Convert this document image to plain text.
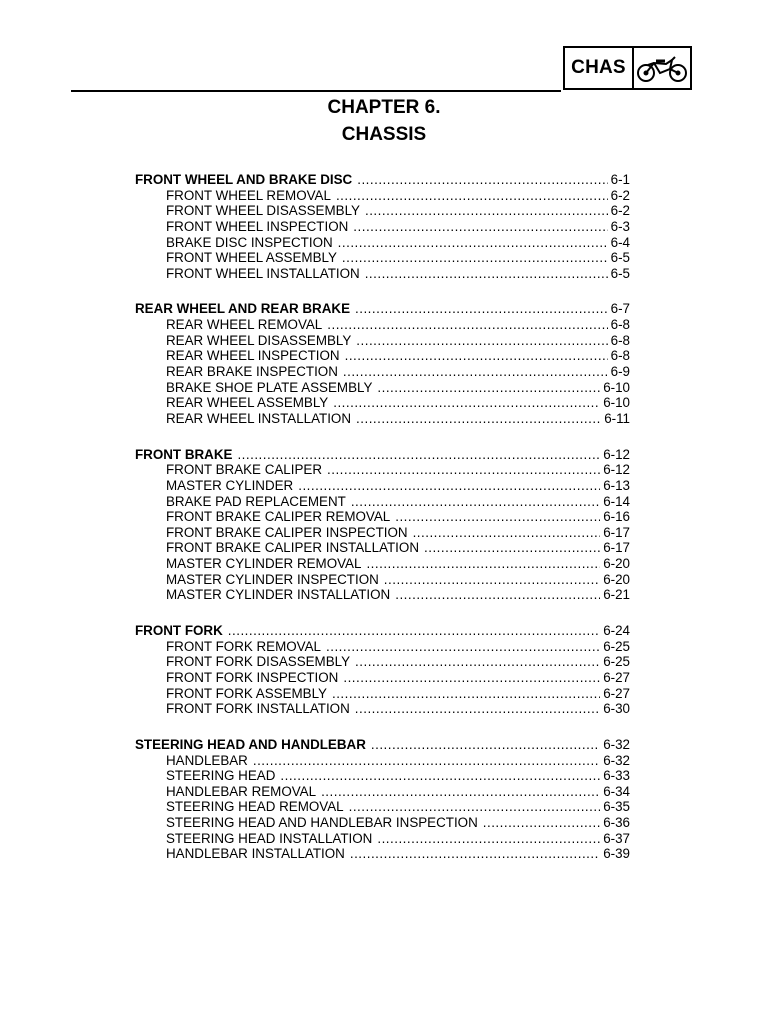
CHAS
CHAPTER 6.
CHASSIS
FRONT WHEEL AND BRAKE DISC .....	6-1
FRONT WHEEL REMOVAL .....	6-2
FRONT WHEEL DISASSEMBLY .....	6-2
FRONT WHEEL INSPECTION .....	6-3
BRAKE DISC INSPECTION .....	6-4
FRONT WHEEL ASSEMBLY .....	6-5
FRONT WHEEL INSTALLATION .....	6-5
REAR WHEEL AND REAR BRAKE .....	6-7
REAR WHEEL REMOVAL .....	6-8
REAR WHEEL DISASSEMBLY .....	6-8
REAR WHEEL INSPECTION .....	6-8
REAR BRAKE INSPECTION .....	6-9
BRAKE SHOE PLATE ASSEMBLY .....	6-10
REAR WHEEL ASSEMBLY .....	6-10
REAR WHEEL INSTALLATION .....	6-11
FRONT BRAKE .....	6-12
FRONT BRAKE CALIPER .....	6-12
MASTER CYLINDER .....	6-13
BRAKE PAD REPLACEMENT .....	6-14
FRONT BRAKE CALIPER REMOVAL .....	6-16
FRONT BRAKE CALIPER INSPECTION .....	6-17
FRONT BRAKE CALIPER INSTALLATION .....	6-17
MASTER CYLINDER REMOVAL .....	6-20
MASTER CYLINDER INSPECTION .....	6-20
MASTER CYLINDER INSTALLATION .....	6-21
FRONT FORK .....	6-24
FRONT FORK REMOVAL .....	6-25
FRONT FORK DISASSEMBLY .....	6-25
FRONT FORK INSPECTION .....	6-27
FRONT FORK ASSEMBLY .....	6-27
FRONT FORK INSTALLATION .....	6-30
STEERING HEAD AND HANDLEBAR .....	6-32
HANDLEBAR .....	6-32
STEERING HEAD .....	6-33
HANDLEBAR REMOVAL .....	6-34
STEERING HEAD REMOVAL .....	6-35
STEERING HEAD AND HANDLEBAR INSPECTION .....	6-36
STEERING HEAD INSTALLATION .....	6-37
HANDLEBAR INSTALLATION .....	6-39
